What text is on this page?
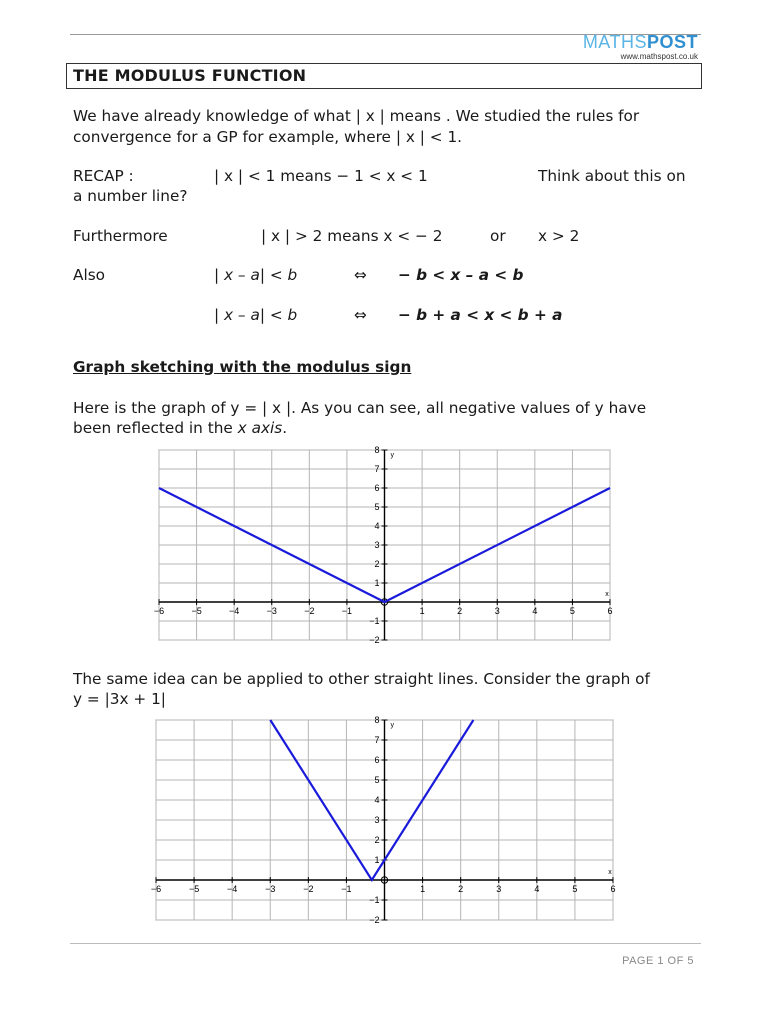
MATHSPOST
www.mathspost.co.uk
THE MODULUS FUNCTION
We have already knowledge of what | x | means . We studied the rules for
convergence for a GP for example, where | x | < 1.
RECAP :	| x | < 1 means − 1 < x < 1	Think about this on
a number line?
Furthermore	| x | > 2 means x < − 2	or x > 2
Also	| x – a| < b	⇔ − b < x – a < b
| x – a| < b	⇔ − b + a < x < b + a
Graph sketching with the modulus sign
Here is the graph of y = | x |. As you can see, all negative values of y have
been reflected in the x axis.
−6	−5	−4	−3	−2	−1	1	2	3	4	5	6
−2
−1
1
2
3
4
5
6
7
8
x
y
The same idea can be applied to other straight lines. Consider the graph of
y = |3x + 1|
−6	−5	−4	−3	−2	−1	1	2	3	4	5	6
−2
−1
1
2
3
4
5
6
7
8
x
y
PAGE 1 OF 5
